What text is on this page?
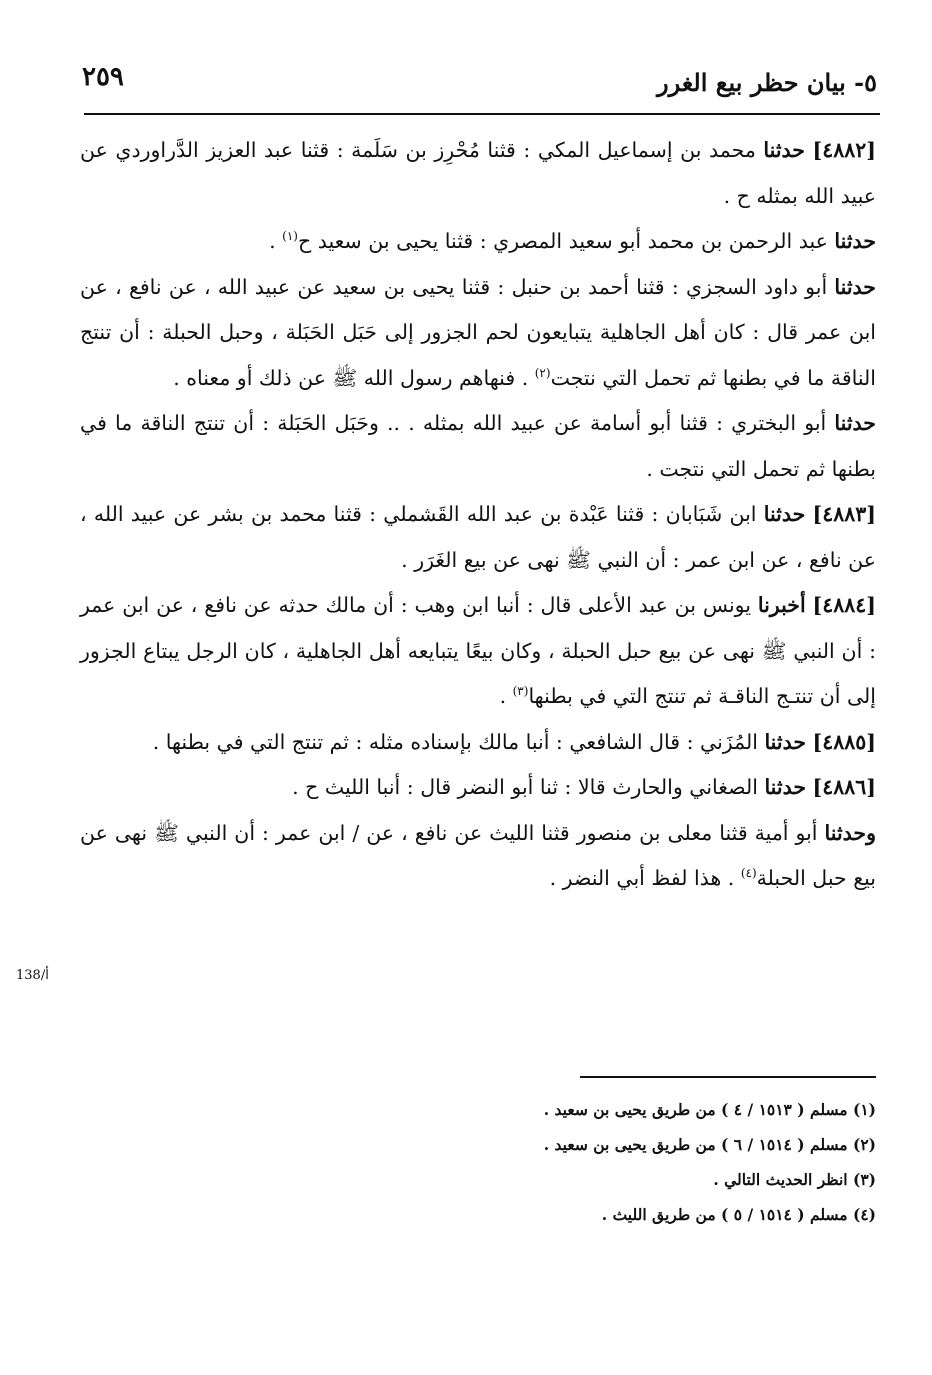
٥- بيان حظر بيع الغرر
٢٥٩

[٤٨٨٢] حدثنا محمد بن إسماعيل المكي : قثنا مُحْرِز بن سَلَمة : قثنا عبد العزيز الدَّراوردي عن عبيد الله بمثله ح .

حدثنا عبد الرحمن بن محمد أبو سعيد المصري : قثنا يحيى بن سعيد ح$^{(١)}$ .

حدثنا أبو داود السجزي : قثنا أحمد بن حنبل : قثنا يحيى بن سعيد عن عبيد الله ، عن نافع ، عن ابن عمر قال : كان أهل الجاهلية يتبايعون لحم الجزور إلى حَبَل الحَبَلة ، وحبل الحبلة : أن تنتج الناقة ما في بطنها ثم تحمل التي نتجت$^{(٢)}$ . فنهاهم رسول الله ﷺ عن ذلك أو معناه .

حدثنا أبو البختري : قثنا أبو أسامة عن عبيد الله بمثله . .. وحَبَل الحَبَلة : أن تنتج الناقة ما في بطنها ثم تحمل التي نتجت .

[٤٨٨٣] حدثنا ابن شَبَابان : قثنا عَبْدة بن عبد الله القَشملي : قثنا محمد بن بشر عن عبيد الله ، عن نافع ، عن ابن عمر : أن النبي ﷺ نهى عن بيع الغَرَر .

[٤٨٨٤] أخبرنا يونس بن عبد الأعلى قال : أنبا ابن وهب : أن مالك حدثه عن نافع ، عن ابن عمر : أن النبي ﷺ نهى عن بيع حبل الحبلة ، وكان بيعًا يتبايعه أهل الجاهلية ، كان الرجل يبتاع الجزور إلى أن تنتـج الناقـة ثم تنتج التي في بطنها$^{(٣)}$ .

[٤٨٨٥] حدثنا المُزَني : قال الشافعي : أنبا مالك بإسناده مثله : ثم تنتج التي في بطنها .

[٤٨٨٦] حدثنا الصغاني والحارث قالا : ثنا أبو النضر قال : أنبا الليث ح .

وحدثنا أبو أمية قثنا معلى بن منصور قثنا الليث عن نافع ، عن / ابن عمر : أن النبي ﷺ نهى عن بيع حبل الحبلة$^{(٤)}$ . هذا لفظ أبي النضر .

138/أ

(١) مسلم ( ١٥١٣ / ٤ ) من طريق يحيى بن سعيد .

(٢) مسلم ( ١٥١٤ / ٦ ) من طريق يحيى بن سعيد .

(٣) انظر الحديث التالي .

(٤) مسلم ( ١٥١٤ / ٥ ) من طريق الليث .
